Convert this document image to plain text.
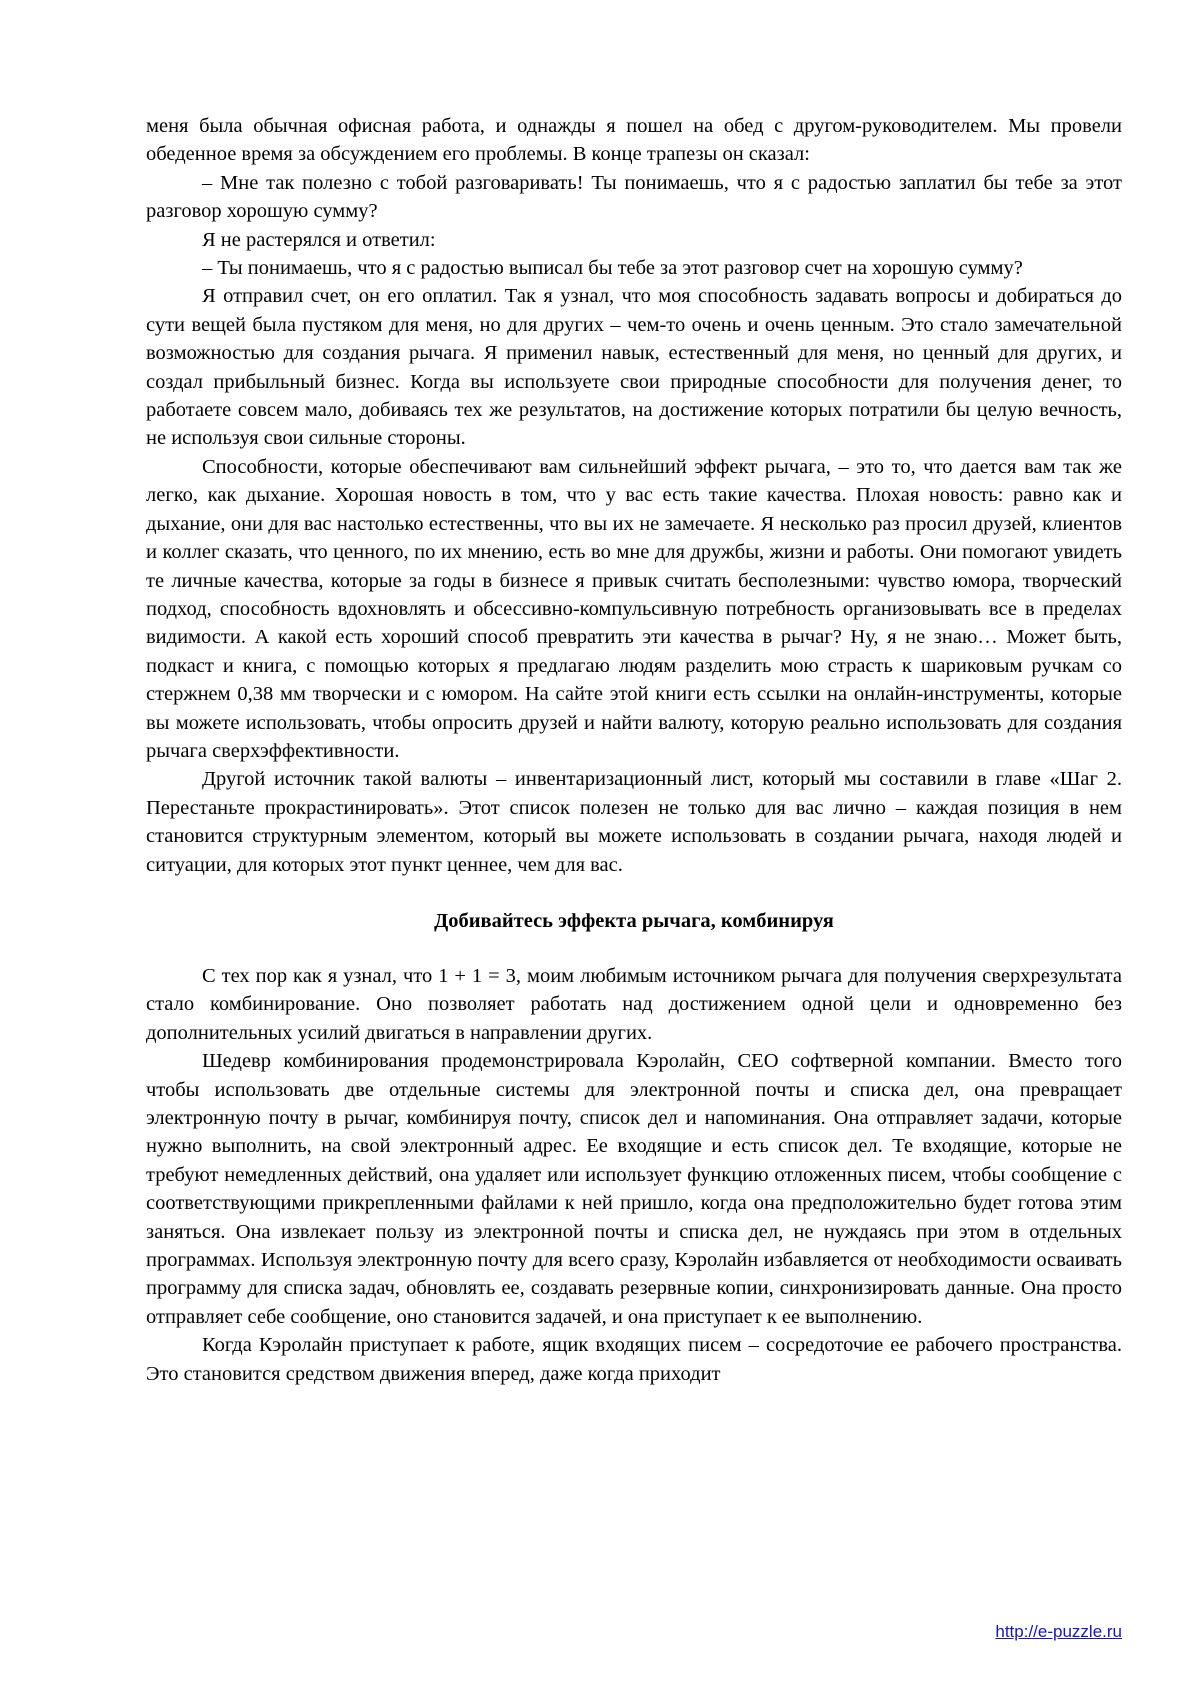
меня была обычная офисная работа, и однажды я пошел на обед с другом-руководителем. Мы провели обеденное время за обсуждением его проблемы. В конце трапезы он сказал:

– Мне так полезно с тобой разговаривать! Ты понимаешь, что я с радостью заплатил бы тебе за этот разговор хорошую сумму?

Я не растерялся и ответил:

– Ты понимаешь, что я с радостью выписал бы тебе за этот разговор счет на хорошую сумму?

Я отправил счет, он его оплатил. Так я узнал, что моя способность задавать вопросы и добираться до сути вещей была пустяком для меня, но для других – чем-то очень и очень ценным. Это стало замечательной возможностью для создания рычага. Я применил навык, естественный для меня, но ценный для других, и создал прибыльный бизнес. Когда вы используете свои природные способности для получения денег, то работаете совсем мало, добиваясь тех же результатов, на достижение которых потратили бы целую вечность, не используя свои сильные стороны.

Способности, которые обеспечивают вам сильнейший эффект рычага, – это то, что дается вам так же легко, как дыхание. Хорошая новость в том, что у вас есть такие качества. Плохая новость: равно как и дыхание, они для вас настолько естественны, что вы их не замечаете. Я несколько раз просил друзей, клиентов и коллег сказать, что ценного, по их мнению, есть во мне для дружбы, жизни и работы. Они помогают увидеть те личные качества, которые за годы в бизнесе я привык считать бесполезными: чувство юмора, творческий подход, способность вдохновлять и обсессивно-компульсивную потребность организовывать все в пределах видимости. А какой есть хороший способ превратить эти качества в рычаг? Ну, я не знаю… Может быть, подкаст и книга, с помощью которых я предлагаю людям разделить мою страсть к шариковым ручкам со стержнем 0,38 мм творчески и с юмором. На сайте этой книги есть ссылки на онлайн-инструменты, которые вы можете использовать, чтобы опросить друзей и найти валюту, которую реально использовать для создания рычага сверхэффективности.

Другой источник такой валюты – инвентаризационный лист, который мы составили в главе «Шаг 2. Перестаньте прокрастинировать». Этот список полезен не только для вас лично – каждая позиция в нем становится структурным элементом, который вы можете использовать в создании рычага, находя людей и ситуации, для которых этот пункт ценнее, чем для вас.

Добивайтесь эффекта рычага, комбинируя

С тех пор как я узнал, что 1 + 1 = 3, моим любимым источником рычага для получения сверхрезультата стало комбинирование. Оно позволяет работать над достижением одной цели и одновременно без дополнительных усилий двигаться в направлении других.

Шедевр комбинирования продемонстрировала Кэролайн, CEO софтверной компании. Вместо того чтобы использовать две отдельные системы для электронной почты и списка дел, она превращает электронную почту в рычаг, комбинируя почту, список дел и напоминания. Она отправляет задачи, которые нужно выполнить, на свой электронный адрес. Ее входящие и есть список дел. Те входящие, которые не требуют немедленных действий, она удаляет или использует функцию отложенных писем, чтобы сообщение с соответствующими прикрепленными файлами к ней пришло, когда она предположительно будет готова этим заняться. Она извлекает пользу из электронной почты и списка дел, не нуждаясь при этом в отдельных программах. Используя электронную почту для всего сразу, Кэролайн избавляется от необходимости осваивать программу для списка задач, обновлять ее, создавать резервные копии, синхронизировать данные. Она просто отправляет себе сообщение, оно становится задачей, и она приступает к ее выполнению.

Когда Кэролайн приступает к работе, ящик входящих писем – сосредоточие ее рабочего пространства. Это становится средством движения вперед, даже когда приходит

http://e-puzzle.ru
